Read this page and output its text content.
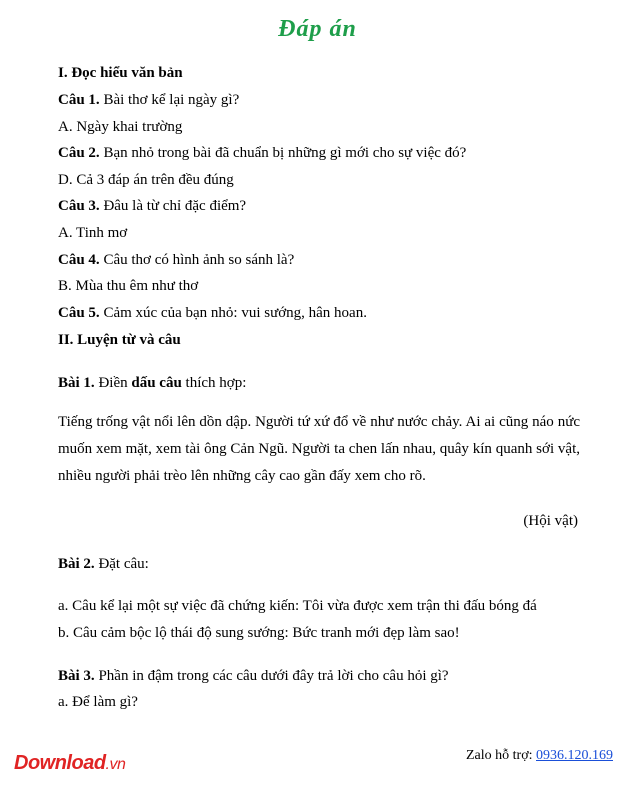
Đáp án
I. Đọc hiểu văn bản
Câu 1. Bài thơ kể lại ngày gì?
A. Ngày khai trường
Câu 2. Bạn nhỏ trong bài đã chuẩn bị những gì mới cho sự việc đó?
D. Cả 3 đáp án trên đều đúng
Câu 3. Đâu là từ chỉ đặc điểm?
A. Tinh mơ
Câu 4. Câu thơ có hình ảnh so sánh là?
B. Mùa thu êm như thơ
Câu 5. Cảm xúc của bạn nhỏ: vui sướng, hân hoan.
II. Luyện từ và câu
Bài 1. Điền dấu câu thích hợp:
Tiếng trống vật nổi lên dồn dập. Người tứ xứ đổ về như nước chảy. Ai ai cũng náo nức muốn xem mặt, xem tài ông Cản Ngũ. Người ta chen lấn nhau, quây kín quanh sới vật, nhiều người phải trèo lên những cây cao gần đấy xem cho rõ.
(Hội vật)
Bài 2. Đặt câu:
a. Câu kể lại một sự việc đã chứng kiến: Tôi vừa được xem trận thi đấu bóng đá
b. Câu cảm bộc lộ thái độ sung sướng: Bức tranh mới đẹp làm sao!
Bài 3. Phần in đậm trong các câu dưới đây trả lời cho câu hỏi gì?
a. Để làm gì?
Download.vn
Zalo hỗ trợ: 0936.120.169
